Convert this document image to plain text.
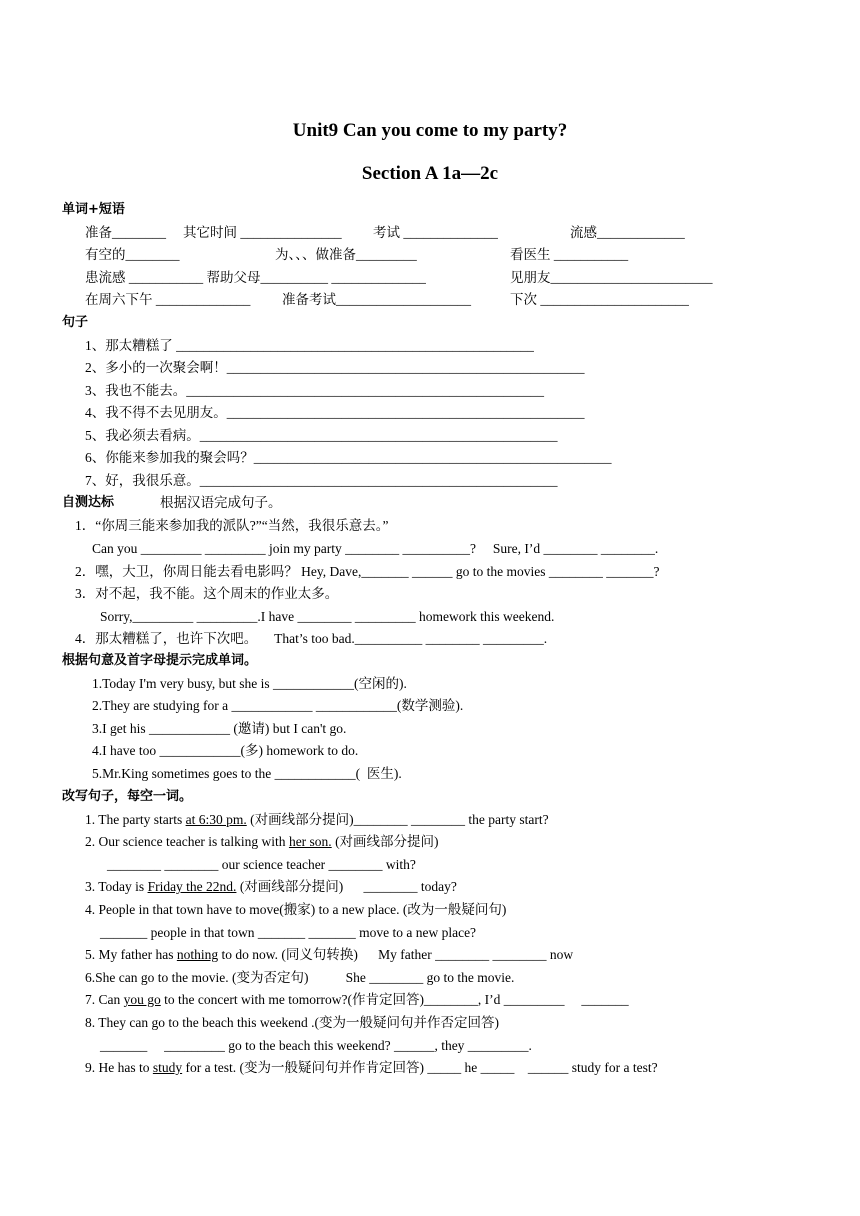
Unit9 Can you come to my party?
Section A 1a—2c
单词+短语
准备________ 其它时间 _______________ 考试 ______________	流感_____________
有空的________	为、、、做准备_________	看医生 ___________
患流感 ___________ 帮助父母__________ ______________	见朋友________________________
在周六下午 ______________ 准备考试____________________	下次 ______________________
句子
1、那太糟糕了 _____________________________________________________
2、多小的一次聚会啊！_____________________________________________________
3、我也不能去。_____________________________________________________
4、我不得不去见朋友。_____________________________________________________
5、我必须去看病。_____________________________________________________
6、你能来参加我的聚会吗？_____________________________________________________
7、好，我很乐意。_____________________________________________________
自测达标	根据汉语完成句子。
1．“你周三能来参加我的派队?”“当然，我很乐意去。”
Can you _________ _________ join my party ________ __________?     Sure, I’d ________ ________.
2．嘿，大卫，你周日能去看电影吗？ Hey, Dave,_______ ______ go to the movies ________ _______?
3．对不起，我不能。这个周末的作业太多。
Sorry,_________ _________.I have ________ _________ homework this weekend.
4．那太糟糕了，也许下次吧。     That’s too bad.__________ ________ _________.
根据句意及首字母提示完成单词。
1.Today I'm very busy, but she is ____________(空闲的).
2.They are studying for a ____________ ____________(数学测验).
3.I get his ____________ (邀请) but I can't go.
4.I have too ____________(多) homework to do.
5.Mr.King sometimes goes to the ____________(  医生).
改写句子，每空一词。
1. The party starts at 6:30 pm. (对画线部分提问)________ ________ the party start?
2. Our science teacher is talking with her son. (对画线部分提问)
________ ________ our science teacher ________ with?
3. Today is Friday the 22nd. (对画线部分提问)      ________ today?
4. People in that town have to move(搬家) to a new place. (改为一般疑问句)
_______ people in that town _______ _______ move to a new place?
5. My father has nothing to do now. (同义句转换)      My father ________ ________ now
6.She can go to the movie. (变为否定句)           She ________ go to the movie.
7. Can you go to the concert with me tomorrow?(作肯定回答)________, I’d _________     _______
8. They can go to the beach this weekend .(变为一般疑问句并作否定回答)
_______     _________ go to the beach this weekend? ______, they _________.
9. He has to study for a test. (变为一般疑问句并作肯定回答) _____ he _____    ______ study for a test?
